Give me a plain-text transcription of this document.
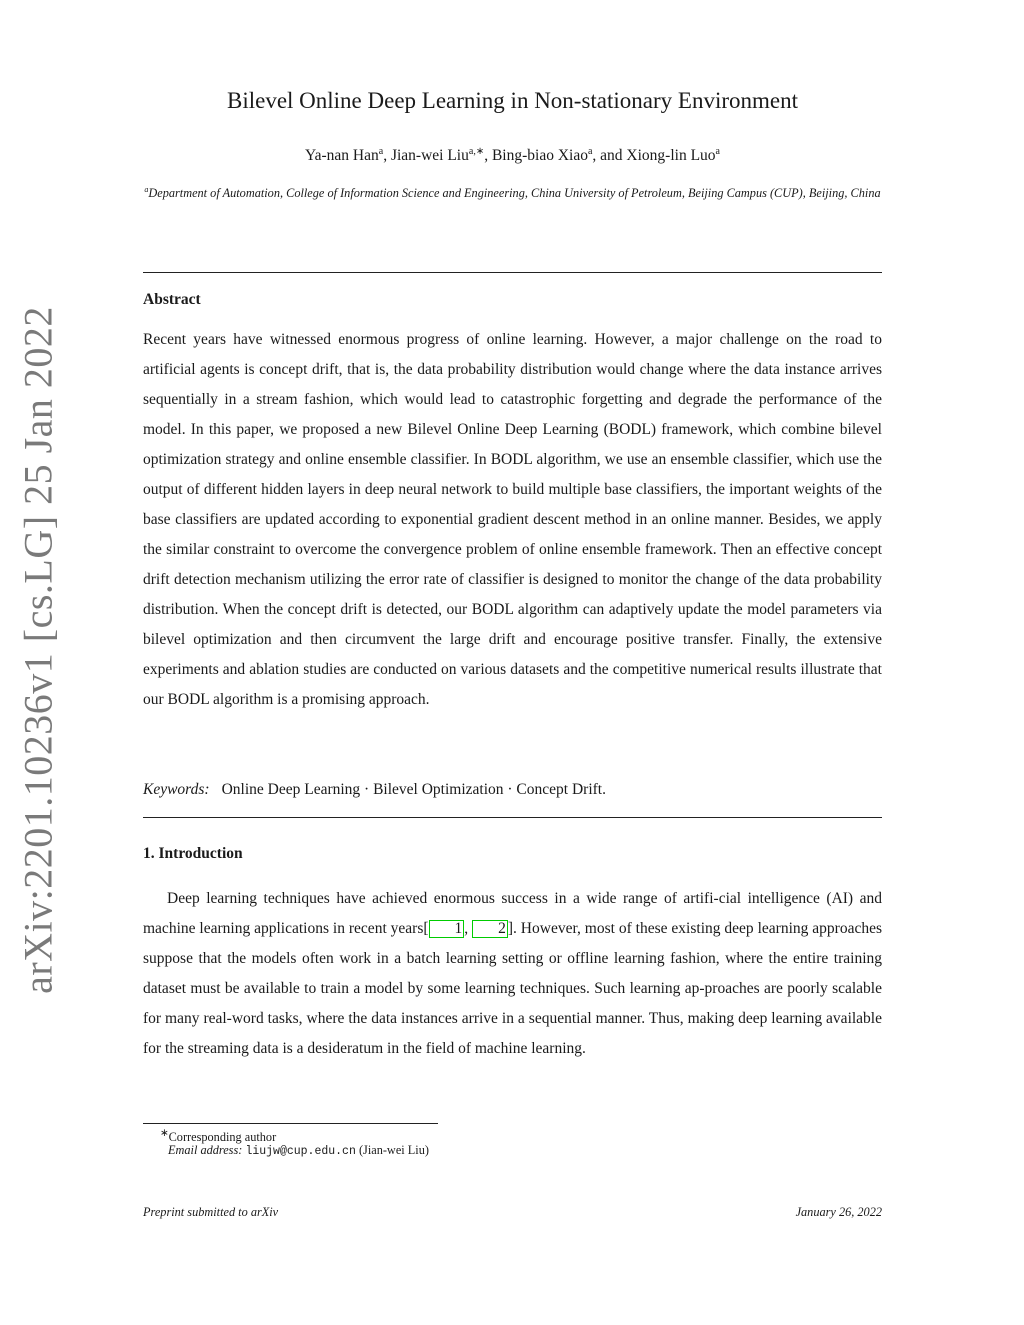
arXiv:2201.10236v1 [cs.LG] 25 Jan 2022
Bilevel Online Deep Learning in Non-stationary Environment
Ya-nan Han$^a$, Jian-wei Liu$^{a,∗}$, Bing-biao Xiao$^a$, and Xiong-lin Luo$^a$
$^a$Department of Automation, College of Information Science and Engineering, China University of Petroleum, Beijing Campus (CUP), Beijing, China
Abstract

Recent years have witnessed enormous progress of online learning. However, a major challenge on the road to artificial agents is concept drift, that is, the data probability distribution would change where the data instance arrives sequentially in a stream fashion, which would lead to catastrophic forgetting and degrade the performance of the model. In this paper, we proposed a new Bilevel Online Deep Learning (BODL) framework, which combine bilevel optimization strategy and online ensemble classifier. In BODL algorithm, we use an ensemble classifier, which use the output of different hidden layers in deep neural network to build multiple base classifiers, the important weights of the base classifiers are updated according to exponential gradient descent method in an online manner. Besides, we apply the similar constraint to overcome the convergence problem of online ensemble framework. Then an effective concept drift detection mechanism utilizing the error rate of classifier is designed to monitor the change of the data probability distribution. When the concept drift is detected, our BODL algorithm can adaptively update the model parameters via bilevel optimization and then circumvent the large drift and encourage positive transfer. Finally, the extensive experiments and ablation studies are conducted on various datasets and the competitive numerical results illustrate that our BODL algorithm is a promising approach.

Keywords: Online Deep Learning · Bilevel Optimization · Concept Drift.
1. Introduction

Deep learning techniques have achieved enormous success in a wide range of artifi-cial intelligence (AI) and machine learning applications in recent years[ 1 , 2 ]. However, most of these existing deep learning approaches suppose that the models often work in a batch learning setting or offline learning fashion, where the entire training dataset must be available to train a model by some learning techniques. Such learning ap-proaches are poorly scalable for many real-word tasks, where the data instances arrive in a sequential manner. Thus, making deep learning available for the streaming data is a desideratum in the field of machine learning.

∗Corresponding author
Email address: liujw@cup.edu.cn (Jian-wei Liu)
Preprint submitted to arXiv	January 26, 2022
